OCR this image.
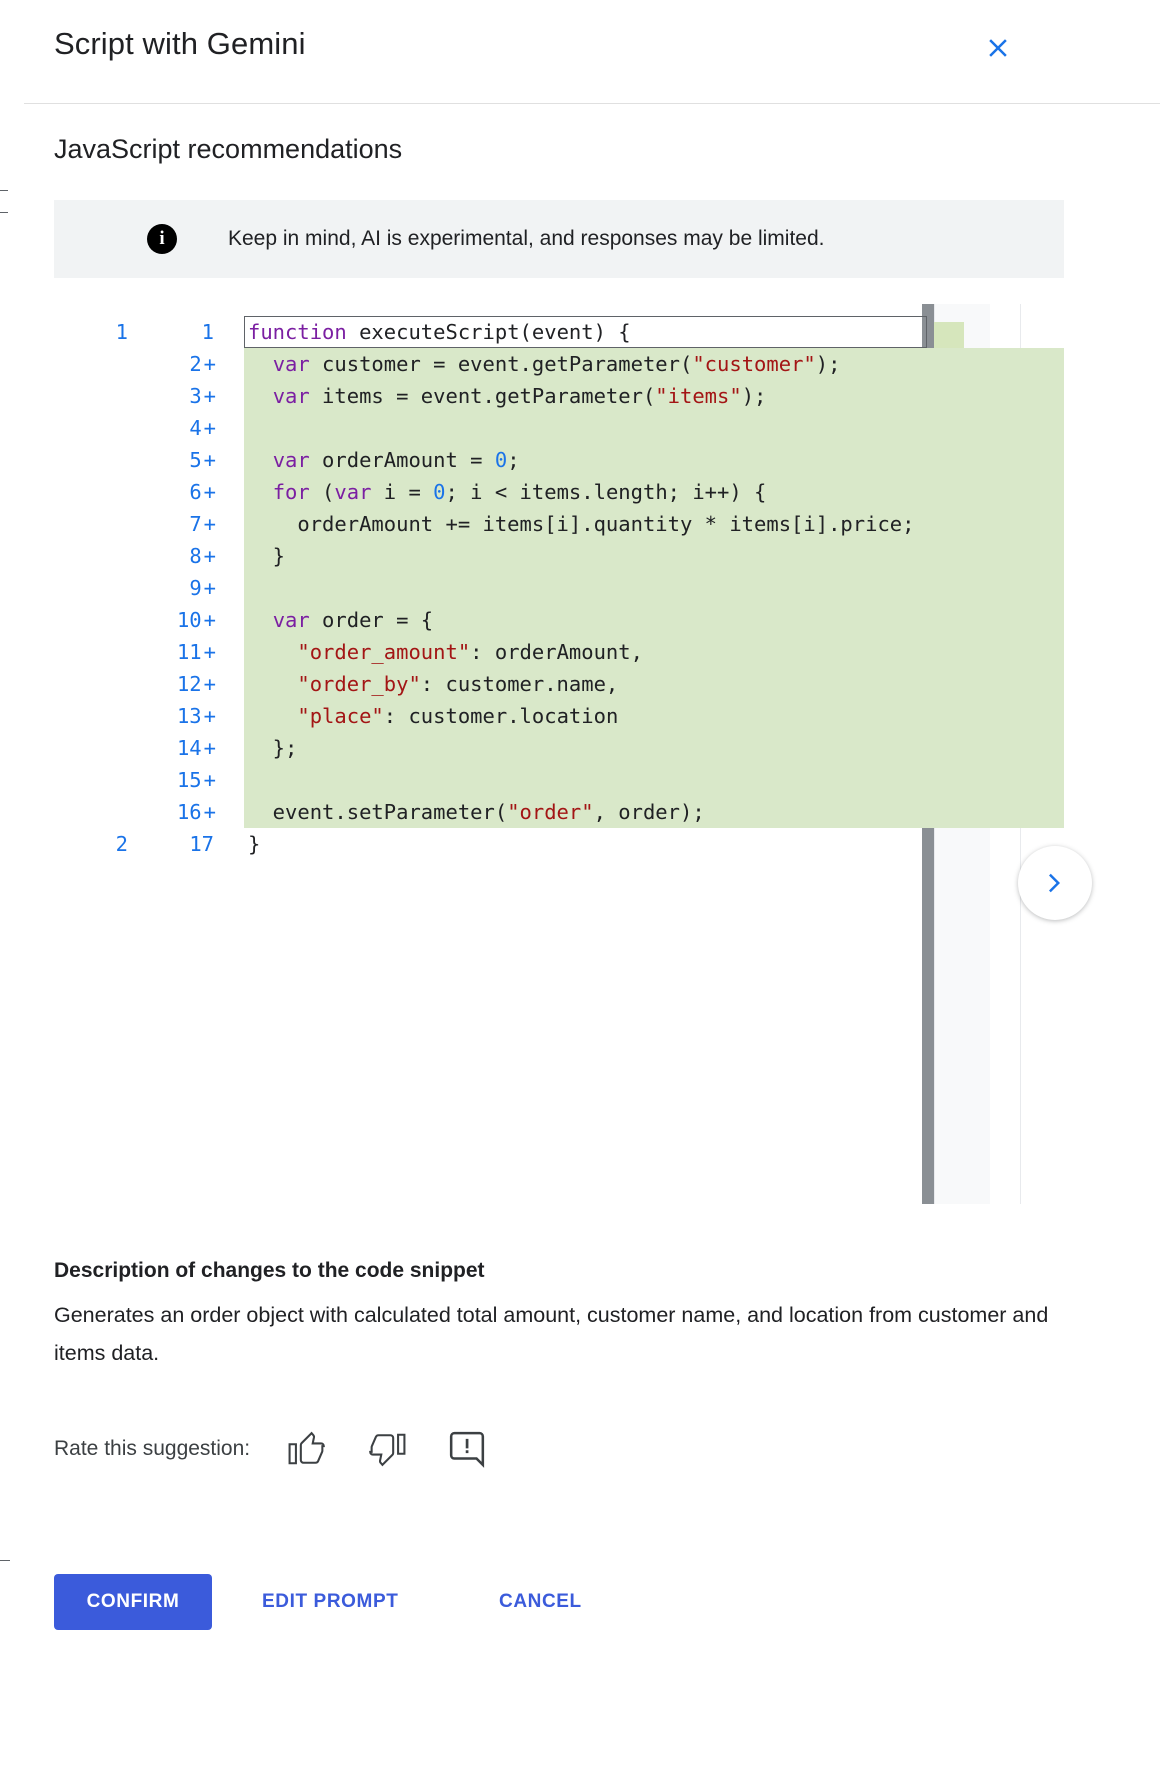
Script with Gemini
JavaScript recommendations
i	Keep in mind, AI is experimental, and responses may be limited.
1
2
1
2+
3+
4+
5+
6+
7+
8+
9+
10+
11+
12+
13+
14+
15+
16+
17
function executeScript(event) {
var customer = event.getParameter("customer");
var items = event.getParameter("items");

var orderAmount = 0;
for (var i = 0; i < items.length; i++) {
orderAmount += items[i].quantity * items[i].price;
}

var order = {
"order_amount": orderAmount,
"order_by": customer.name,
"place": customer.location
};

event.setParameter("order", order);
}
Description of changes to the code snippet
Generates an order object with calculated total amount, customer name, and location from customer and items data.
Rate this suggestion:
CONFIRM	EDIT PROMPT	CANCEL
